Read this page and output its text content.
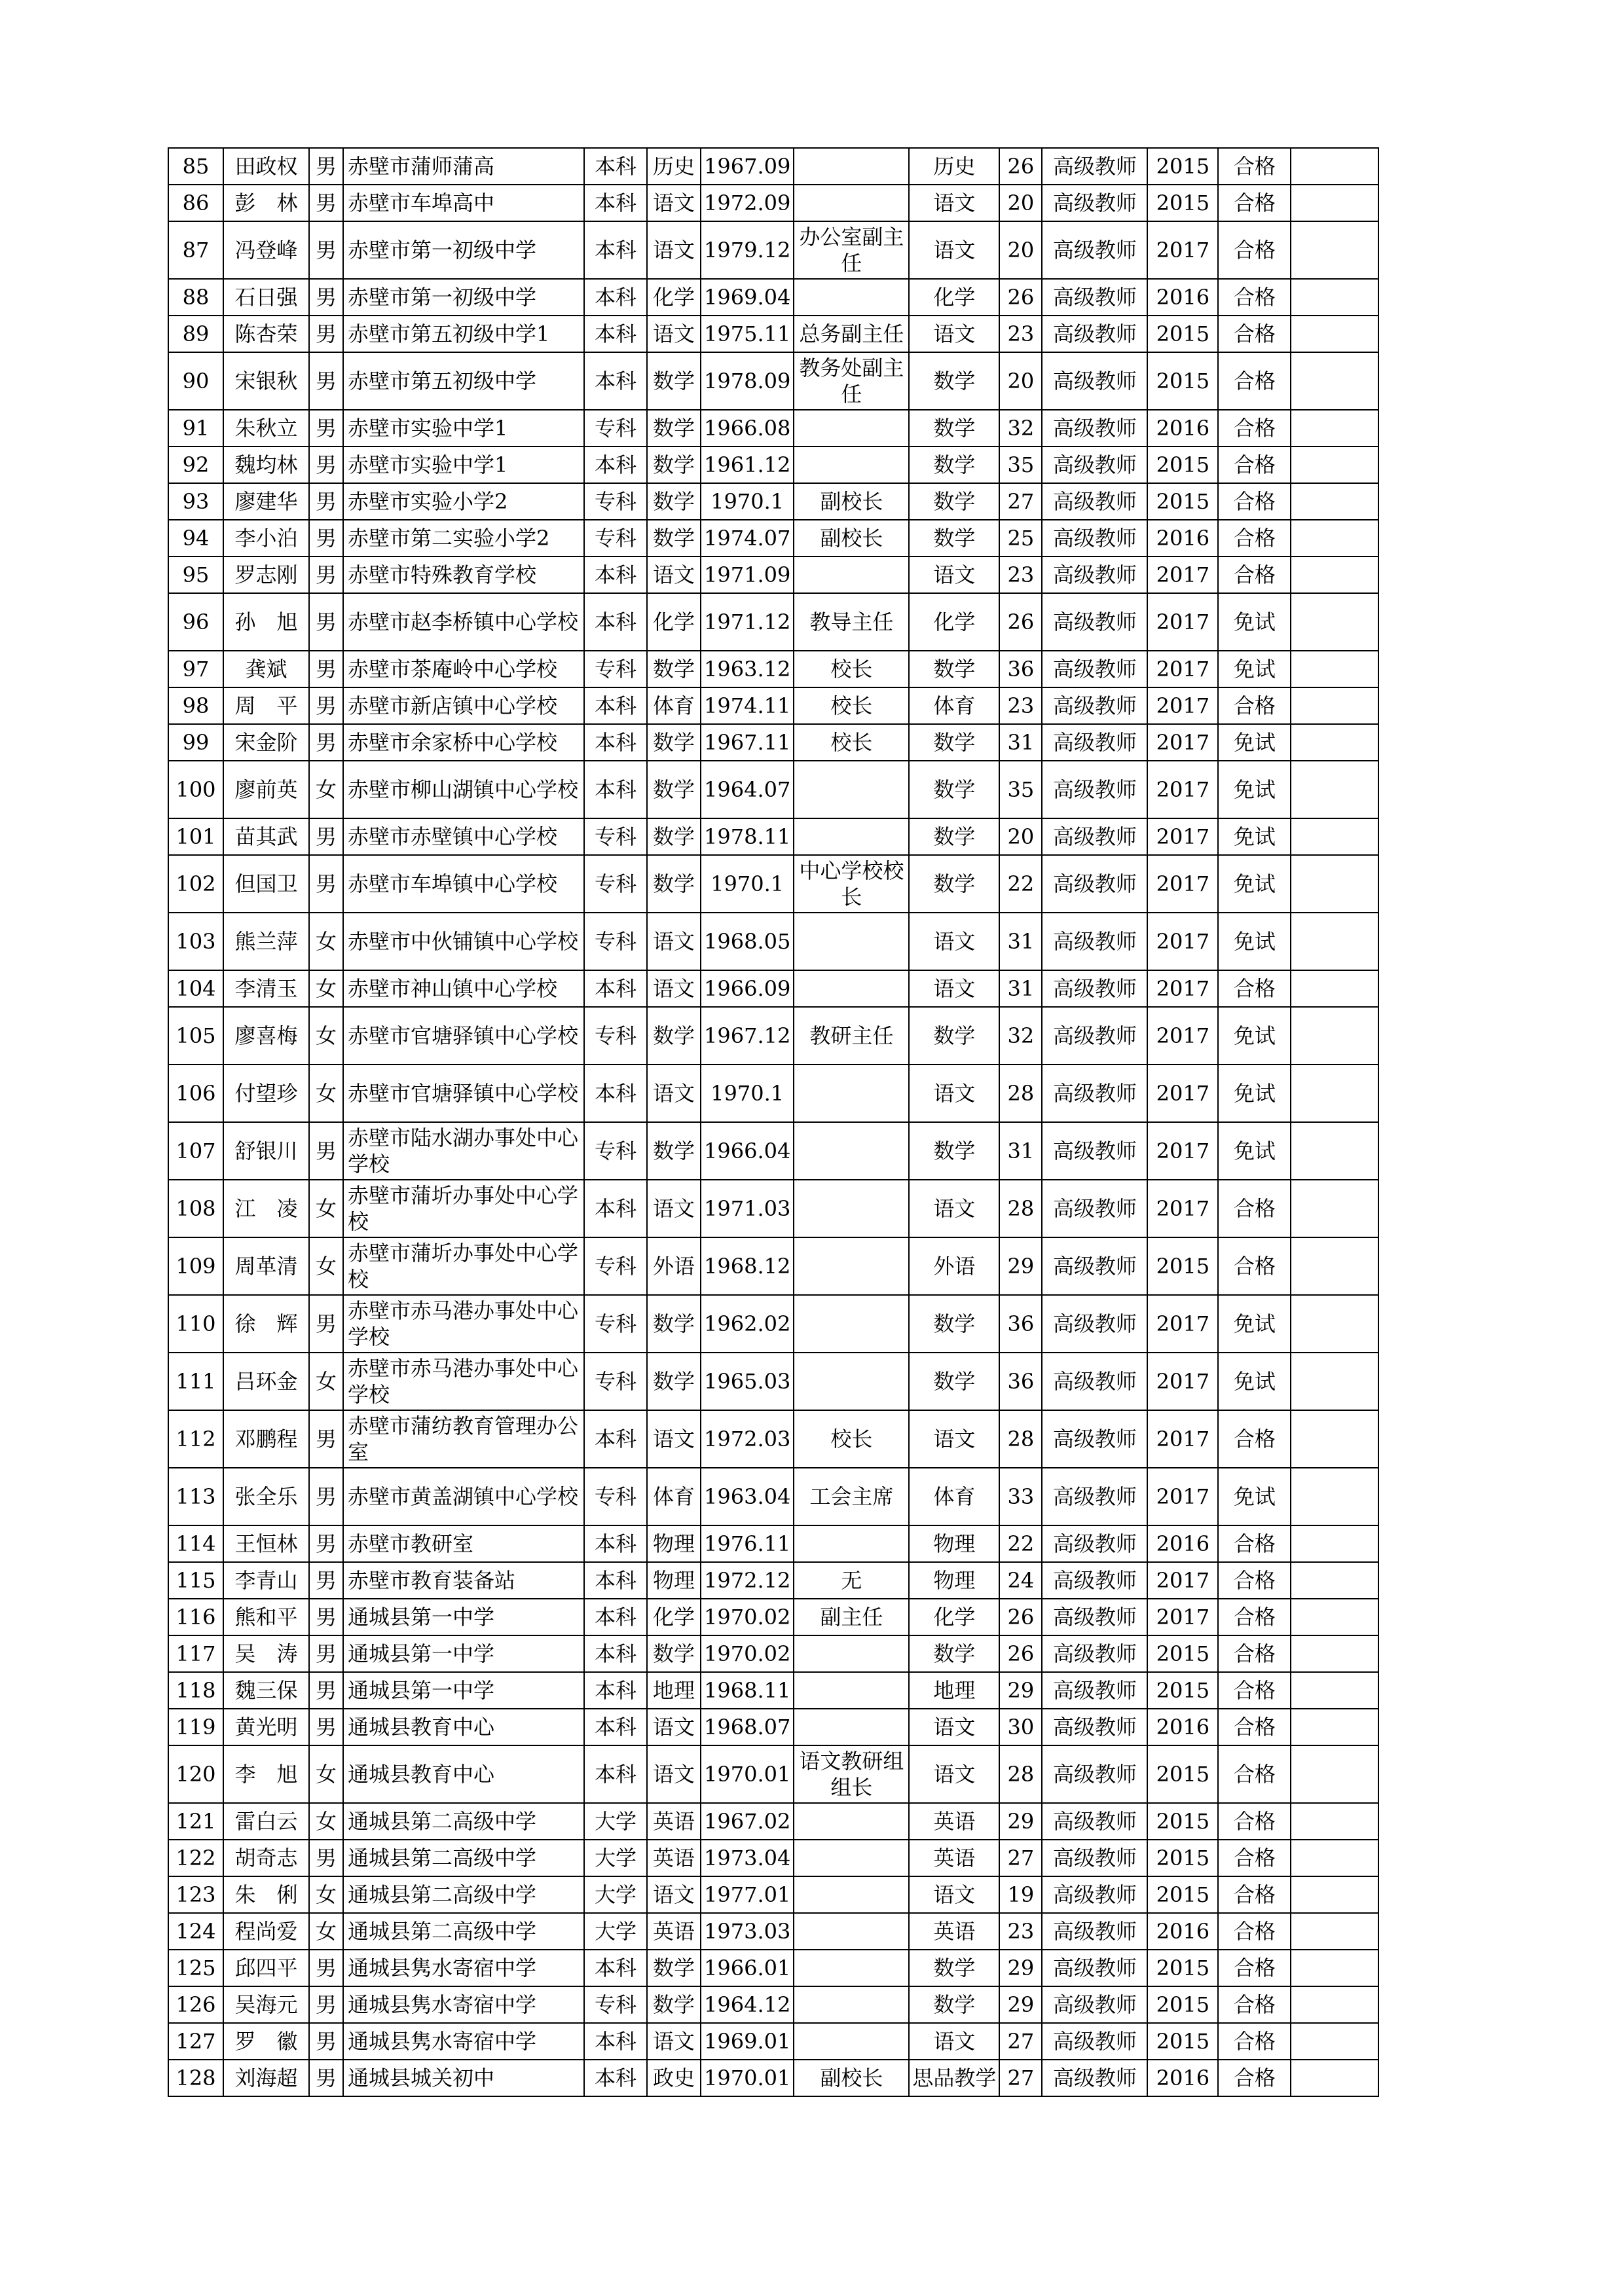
85	田政权	男	赤壁市蒲师蒲高	本科	历史	1967.09		历史	26	高级教师	2015	合格	
86	彭　林	男	赤壁市车埠高中	本科	语文	1972.09		语文	20	高级教师	2015	合格	
87	冯登峰	男	赤壁市第一初级中学	本科	语文	1979.12	办公室副主任	语文	20	高级教师	2017	合格	
88	石日强	男	赤壁市第一初级中学	本科	化学	1969.04		化学	26	高级教师	2016	合格	
89	陈杏荣	男	赤壁市第五初级中学1	本科	语文	1975.11	总务副主任	语文	23	高级教师	2015	合格	
90	宋银秋	男	赤壁市第五初级中学	本科	数学	1978.09	教务处副主任	数学	20	高级教师	2015	合格	
91	朱秋立	男	赤壁市实验中学1	专科	数学	1966.08		数学	32	高级教师	2016	合格	
92	魏均林	男	赤壁市实验中学1	本科	数学	1961.12		数学	35	高级教师	2015	合格	
93	廖建华	男	赤壁市实验小学2	专科	数学	1970.1	副校长	数学	27	高级教师	2015	合格	
94	李小泊	男	赤壁市第二实验小学2	专科	数学	1974.07	副校长	数学	25	高级教师	2016	合格	
95	罗志刚	男	赤壁市特殊教育学校	本科	语文	1971.09		语文	23	高级教师	2017	合格	
96	孙　旭	男	赤壁市赵李桥镇中心学校	本科	化学	1971.12	教导主任	化学	26	高级教师	2017	免试	
97	龚斌	男	赤壁市茶庵岭中心学校	专科	数学	1963.12	校长	数学	36	高级教师	2017	免试	
98	周　平	男	赤壁市新店镇中心学校	本科	体育	1974.11	校长	体育	23	高级教师	2017	合格	
99	宋金阶	男	赤壁市余家桥中心学校	本科	数学	1967.11	校长	数学	31	高级教师	2017	免试	
100	廖前英	女	赤壁市柳山湖镇中心学校	本科	数学	1964.07		数学	35	高级教师	2017	免试	
101	苗其武	男	赤壁市赤壁镇中心学校	专科	数学	1978.11		数学	20	高级教师	2017	免试	
102	但国卫	男	赤壁市车埠镇中心学校	专科	数学	1970.1	中心学校校长	数学	22	高级教师	2017	免试	
103	熊兰萍	女	赤壁市中伙铺镇中心学校	专科	语文	1968.05		语文	31	高级教师	2017	免试	
104	李清玉	女	赤壁市神山镇中心学校	本科	语文	1966.09		语文	31	高级教师	2017	合格	
105	廖喜梅	女	赤壁市官塘驿镇中心学校	专科	数学	1967.12	教研主任	数学	32	高级教师	2017	免试	
106	付望珍	女	赤壁市官塘驿镇中心学校	本科	语文	1970.1		语文	28	高级教师	2017	免试	
107	舒银川	男	赤壁市陆水湖办事处中心学校	专科	数学	1966.04		数学	31	高级教师	2017	免试	
108	江　凌	女	赤壁市蒲圻办事处中心学校	本科	语文	1971.03		语文	28	高级教师	2017	合格	
109	周革清	女	赤壁市蒲圻办事处中心学校	专科	外语	1968.12		外语	29	高级教师	2015	合格	
110	徐　辉	男	赤壁市赤马港办事处中心学校	专科	数学	1962.02		数学	36	高级教师	2017	免试	
111	吕环金	女	赤壁市赤马港办事处中心学校	专科	数学	1965.03		数学	36	高级教师	2017	免试	
112	邓鹏程	男	赤壁市蒲纺教育管理办公室	本科	语文	1972.03	校长	语文	28	高级教师	2017	合格	
113	张全乐	男	赤壁市黄盖湖镇中心学校	专科	体育	1963.04	工会主席	体育	33	高级教师	2017	免试	
114	王恒林	男	赤壁市教研室	本科	物理	1976.11		物理	22	高级教师	2016	合格	
115	李青山	男	赤壁市教育装备站	本科	物理	1972.12	无	物理	24	高级教师	2017	合格	
116	熊和平	男	通城县第一中学	本科	化学	1970.02	副主任	化学	26	高级教师	2017	合格	
117	吴　涛	男	通城县第一中学	本科	数学	1970.02		数学	26	高级教师	2015	合格	
118	魏三保	男	通城县第一中学	本科	地理	1968.11		地理	29	高级教师	2015	合格	
119	黄光明	男	通城县教育中心	本科	语文	1968.07		语文	30	高级教师	2016	合格	
120	李　旭	女	通城县教育中心	本科	语文	1970.01	语文教研组组长	语文	28	高级教师	2015	合格	
121	雷白云	女	通城县第二高级中学	大学	英语	1967.02		英语	29	高级教师	2015	合格	
122	胡奇志	男	通城县第二高级中学	大学	英语	1973.04		英语	27	高级教师	2015	合格	
123	朱　俐	女	通城县第二高级中学	大学	语文	1977.01		语文	19	高级教师	2015	合格	
124	程尚爱	女	通城县第二高级中学	大学	英语	1973.03		英语	23	高级教师	2016	合格	
125	邱四平	男	通城县隽水寄宿中学	本科	数学	1966.01		数学	29	高级教师	2015	合格	
126	吴海元	男	通城县隽水寄宿中学	专科	数学	1964.12		数学	29	高级教师	2015	合格	
127	罗　徽	男	通城县隽水寄宿中学	本科	语文	1969.01		语文	27	高级教师	2015	合格	
128	刘海超	男	通城县城关初中	本科	政史	1970.01	副校长	思品教学	27	高级教师	2016	合格	
